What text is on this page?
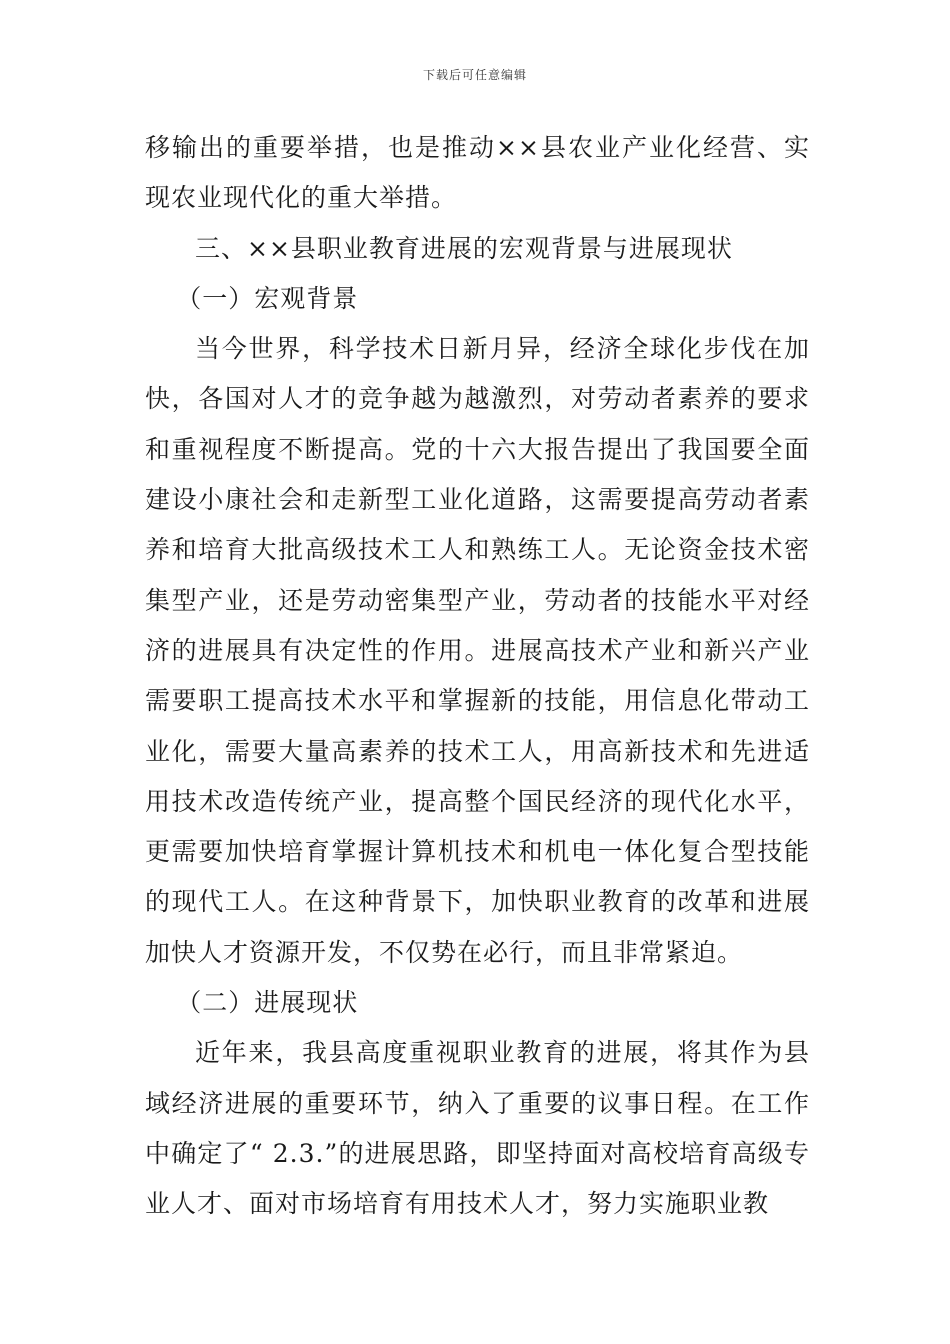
下载后可任意编辑

移输出的重要举措，也是推动××县农业产业化经营、实现农业现代化的重大举措。

三、××县职业教育进展的宏观背景与进展现状

（一）宏观背景

当今世界，科学技术日新月异，经济全球化步伐在加快，各国对人才的竞争越为越激烈，对劳动者素养的要求和重视程度不断提高。党的十六大报告提出了我国要全面建设小康社会和走新型工业化道路，这需要提高劳动者素养和培育大批高级技术工人和熟练工人。无论资金技术密集型产业，还是劳动密集型产业，劳动者的技能水平对经济的进展具有决定性的作用。进展高技术产业和新兴产业需要职工提高技术水平和掌握新的技能，用信息化带动工业化，需要大量高素养的技术工人，用高新技术和先进适用技术改造传统产业，提高整个国民经济的现代化水平，更需要加快培育掌握计算机技术和机电一体化复合型技能的现代工人。在这种背景下，加快职业教育的改革和进展加快人才资源开发，不仅势在必行，而且非常紧迫。

（二）进展现状

近年来，我县高度重视职业教育的进展，将其作为县域经济进展的重要环节，纳入了重要的议事日程。在工作中确定了“ 2.3.”的进展思路，即坚持面对高校培育高级专业人才、面对市场培育有用技术人才，努力实施职业教
